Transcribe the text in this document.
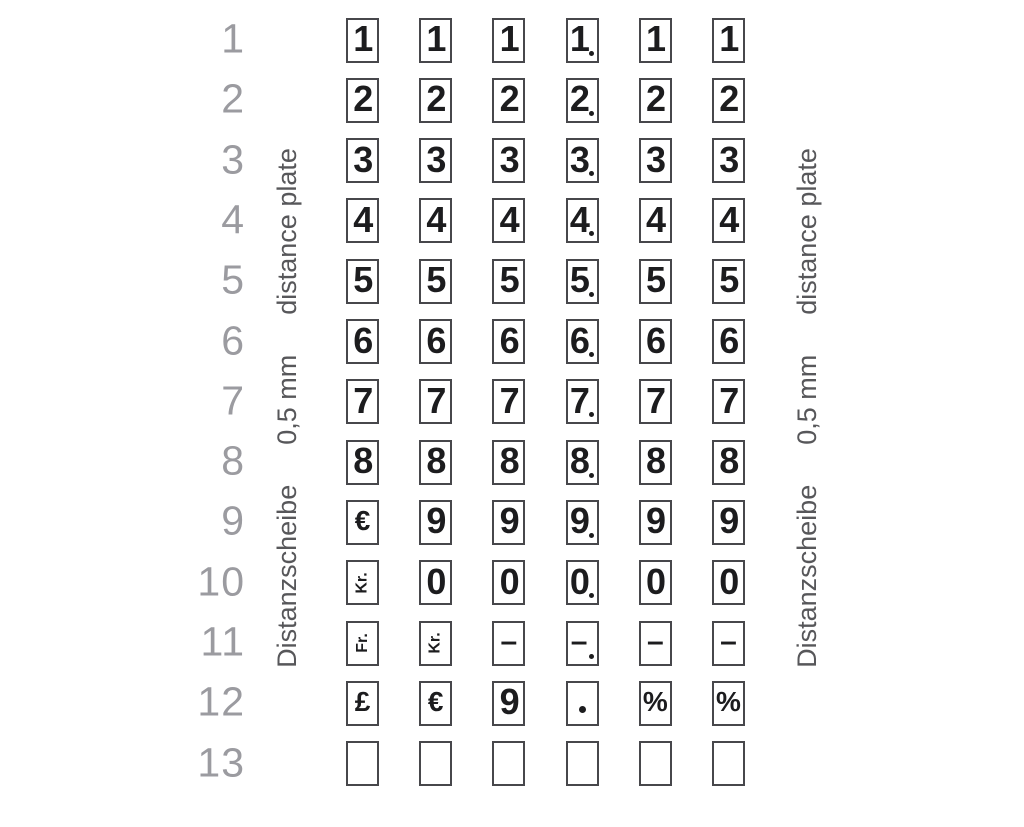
1
2
3
4
5
6
7
8
9
10
11
12
13
Distanzscheibe
0,5 mm
distance plate
1 1 1 1 1 1
2 2 2 2 2 2
3 3 3 3 3 3
4 4 4 4 4 4
5 5 5 5 5 5
6 6 6 6 6 6
7 7 7 7 7 7
8 8 8 8 8 8
€ 9 9 9 9 9
Kr. 0 0 0 0 0
Fr.	Kr. – – – –
£ € 9	% %
Distanzscheibe
0,5 mm
distance plate
